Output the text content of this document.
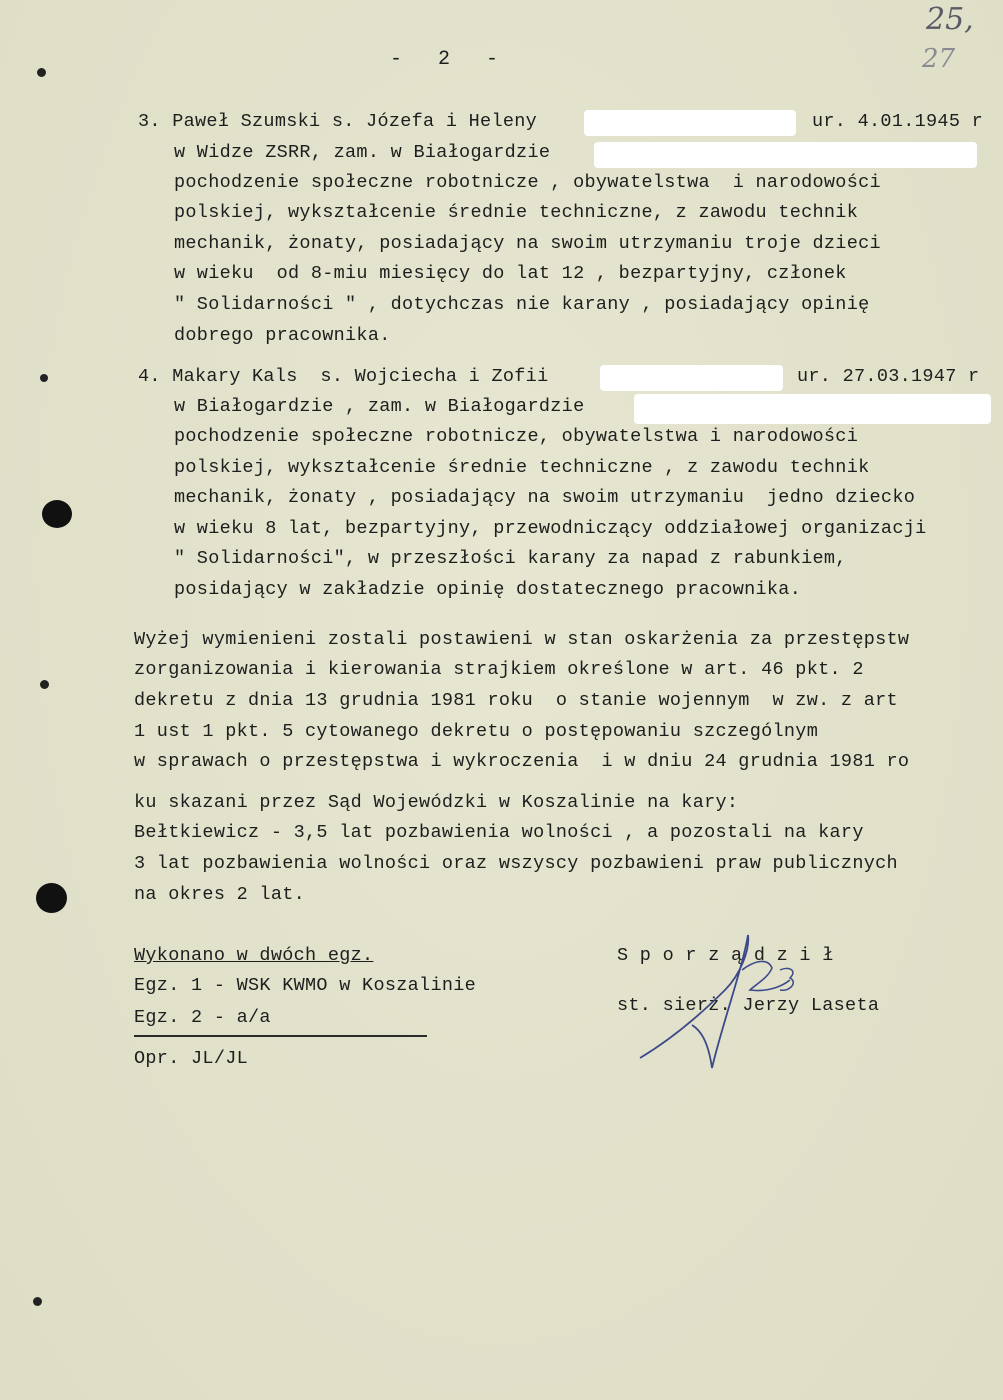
25,
27
- 2 -
3. Paweł Szumski s. Józefa i Heleny	ur. 4.01.1945 r
w Widze ZSRR, zam. w Białogardzie
pochodzenie społeczne robotnicze , obywatelstwa  i narodowości
polskiej, wykształcenie średnie techniczne, z zawodu technik
mechanik, żonaty, posiadający na swoim utrzymaniu troje dzieci
w wieku  od 8-miu miesięcy do lat 12 , bezpartyjny, członek
" Solidarności " , dotychczas nie karany , posiadający opinię
dobrego pracownika.
4. Makary Kals  s. Wojciecha i Zofii	ur. 27.03.1947 r
w Białogardzie , zam. w Białogardzie
pochodzenie społeczne robotnicze, obywatelstwa i narodowości
polskiej, wykształcenie średnie techniczne , z zawodu technik
mechanik, żonaty , posiadający na swoim utrzymaniu  jedno dziecko
w wieku 8 lat, bezpartyjny, przewodniczący oddziałowej organizacji
" Solidarności", w przeszłości karany za napad z rabunkiem,
posidający w zakładzie opinię dostatecznego pracownika.
Wyżej wymienieni zostali postawieni w stan oskarżenia za przestępstw
zorganizowania i kierowania strajkiem określone w art. 46 pkt. 2
dekretu z dnia 13 grudnia 1981 roku  o stanie wojennym  w zw. z art
1 ust 1 pkt. 5 cytowanego dekretu o postępowaniu szczególnym
w sprawach o przestępstwa i wykroczenia  i w dniu 24 grudnia 1981 ro
ku skazani przez Sąd Wojewódzki w Koszalinie na kary:
Bełtkiewicz - 3,5 lat pozbawienia wolności , a pozostali na kary
3 lat pozbawienia wolności oraz wszyscy pozbawieni praw publicznych
na okres 2 lat.
Wykonano w dwóch egz.
Egz. 1 - WSK KWMO w Koszalinie
Egz. 2 - a/a
Opr. JL/JL
S p o r z ą d z i ł
st. sierż. Jerzy Laseta
